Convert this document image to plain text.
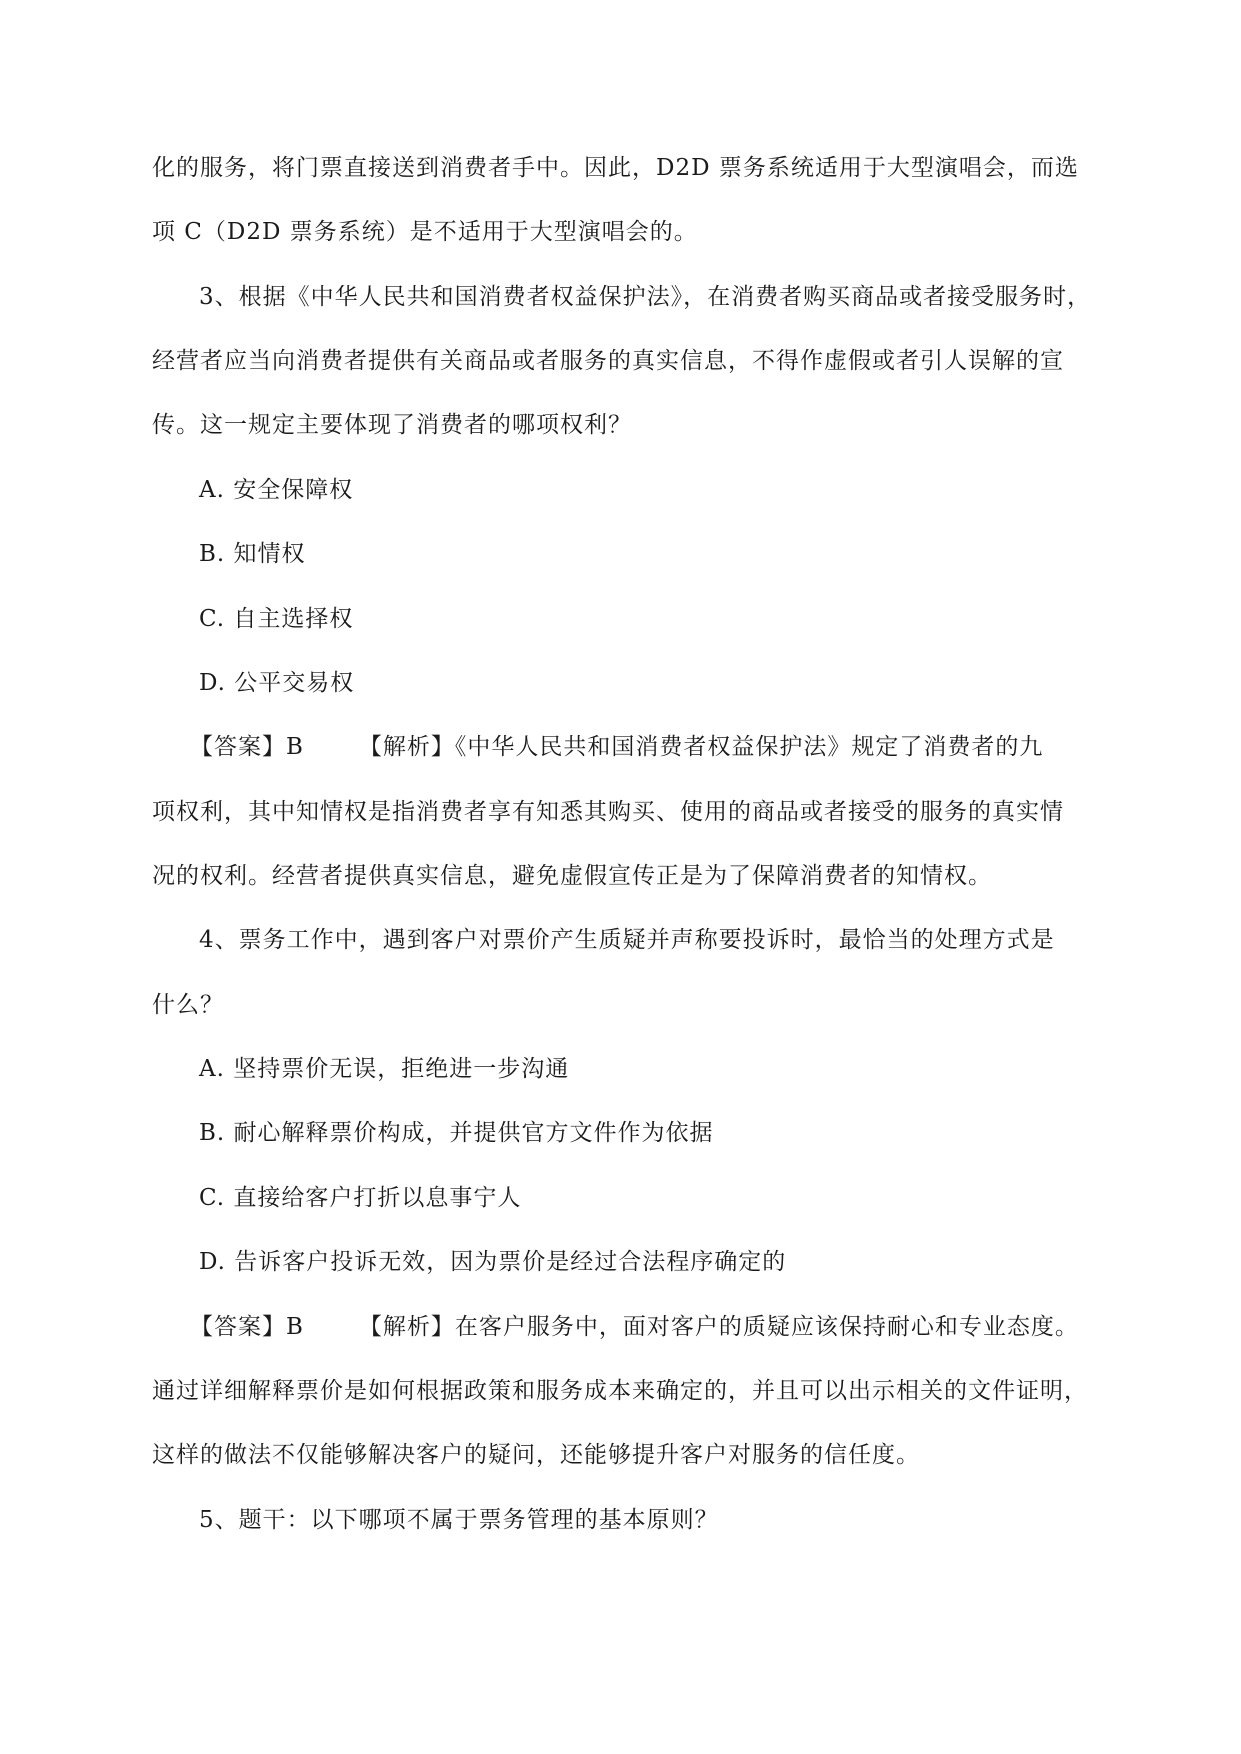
化的服务，将门票直接送到消费者手中。因此，D2D 票务系统适用于大型演唱会，而选
项 C（D2D 票务系统）是不适用于大型演唱会的。
3、根据《中华人民共和国消费者权益保护法》，在消费者购买商品或者接受服务时，
经营者应当向消费者提供有关商品或者服务的真实信息，不得作虚假或者引人误解的宣
传。这一规定主要体现了消费者的哪项权利？
A. 安全保障权
B. 知情权
C. 自主选择权
D. 公平交易权
【答案】B 【解析】《中华人民共和国消费者权益保护法》规定了消费者的九
项权利，其中知情权是指消费者享有知悉其购买、使用的商品或者接受的服务的真实情
况的权利。经营者提供真实信息，避免虚假宣传正是为了保障消费者的知情权。
4、票务工作中，遇到客户对票价产生质疑并声称要投诉时，最恰当的处理方式是
什么？
A. 坚持票价无误，拒绝进一步沟通
B. 耐心解释票价构成，并提供官方文件作为依据
C. 直接给客户打折以息事宁人
D. 告诉客户投诉无效，因为票价是经过合法程序确定的
【答案】B 【解析】在客户服务中，面对客户的质疑应该保持耐心和专业态度。
通过详细解释票价是如何根据政策和服务成本来确定的，并且可以出示相关的文件证明，
这样的做法不仅能够解决客户的疑问，还能够提升客户对服务的信任度。
5、题干：以下哪项不属于票务管理的基本原则？
